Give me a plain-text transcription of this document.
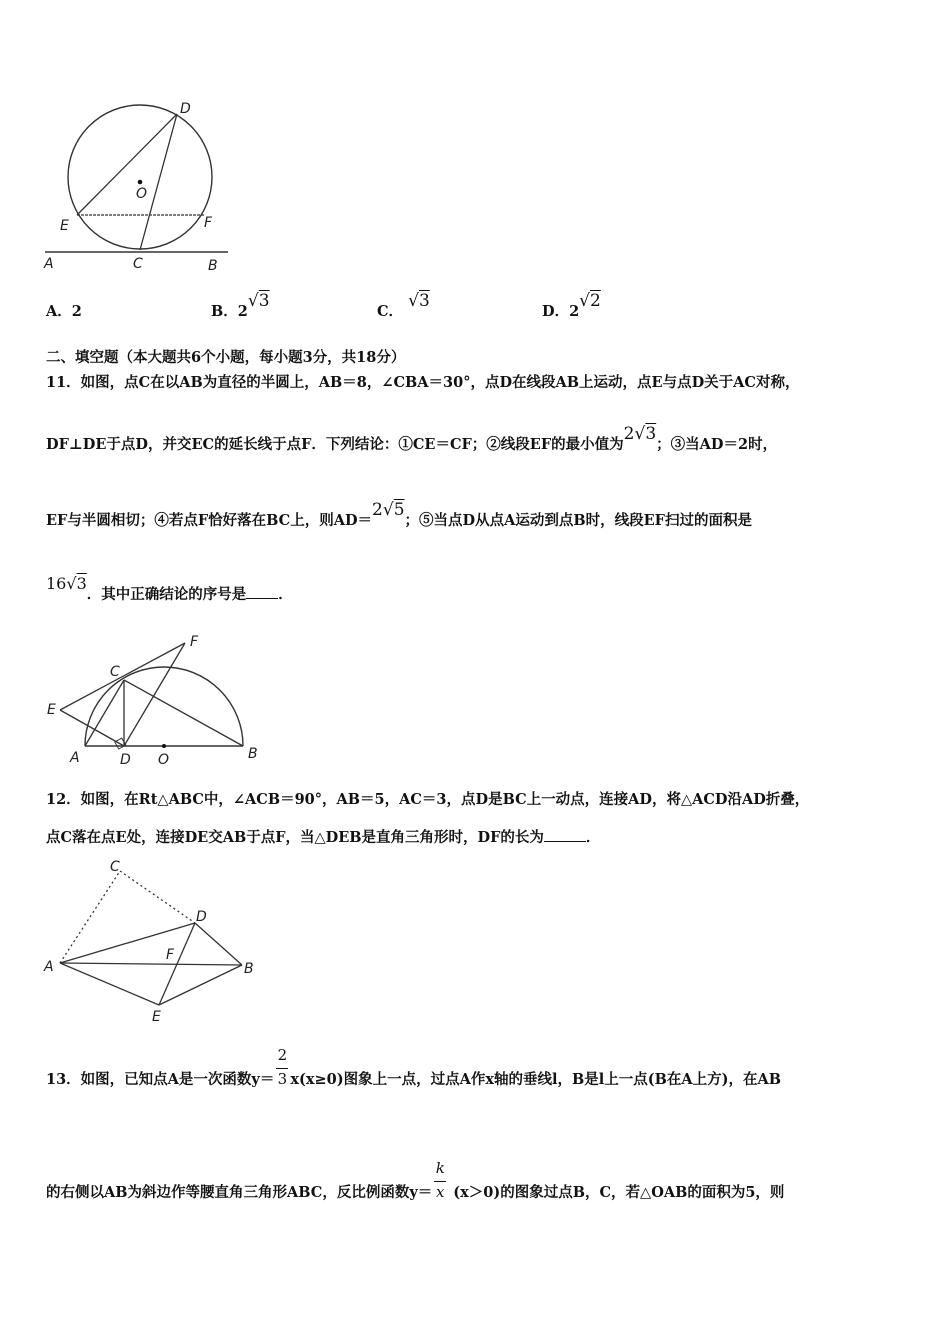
D
O
E	F
A	C	B
A．2	B．2√3
C． √3
D．2√2
二、填空题（本大题共6个小题，每小题3分，共18分）
11．如图，点C在以AB为直径的半圆上，AB＝8，∠CBA＝30°，点D在线段AB上运动，点E与点D关于AC对称，
DF⊥DE于点D，并交EC的延长线于点F．下列结论：①CE＝CF；②线段EF的最小值为2√3；③当AD＝2时，
EF与半圆相切；④若点F恰好落在BC上，则AD＝2√5；⑤当点D从点A运动到点B时，线段EF扫过的面积是
16√3．其中正确结论的序号是 ．
F
C
E
A	D O	B
12．如图，在Rt△ABC中，∠ACB＝90°，AB＝5，AC＝3，点D是BC上一动点，连接AD，将△ACD沿AD折叠，
点C落在点E处，连接DE交AB于点F，当△DEB是直角三角形时，DF的长为	．
C
D
A
F
B
E
13．如图，已知点A是一次函数y＝
$\frac{2}{3}$
x(x≥0)图象上一点，过点A作x轴的垂线l，B是l上一点(B在A上方)，在AB
的右侧以AB为斜边作等腰直角三角形ABC，反比例函数y＝
$\frac{k}{x}$
(x＞0)的图象过点B，C，若△OAB的面积为5，则
